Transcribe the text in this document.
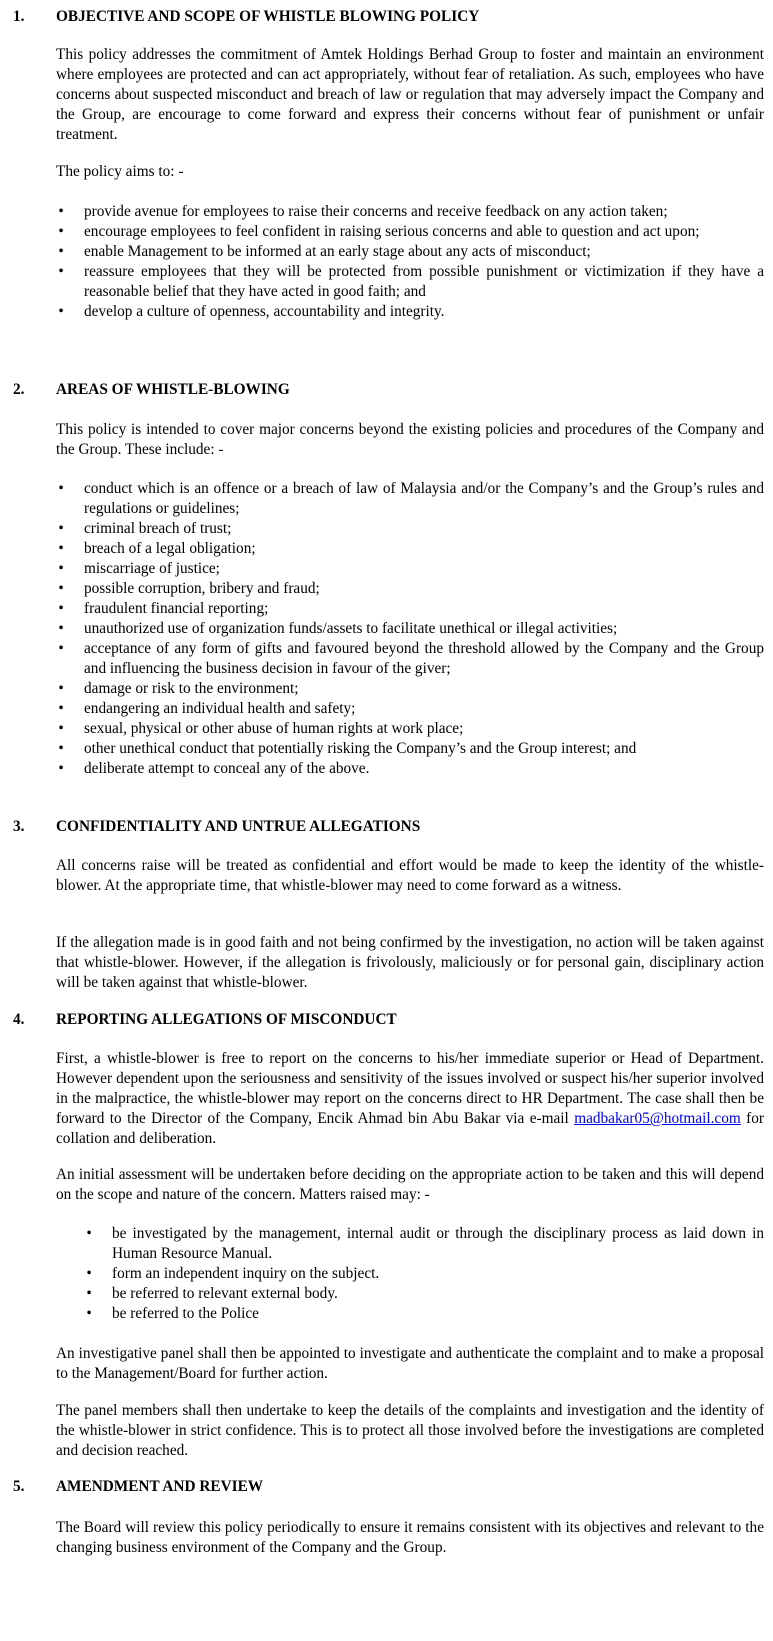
1. OBJECTIVE AND SCOPE OF WHISTLE BLOWING POLICY

This policy addresses the commitment of Amtek Holdings Berhad Group to foster and maintain an environment where employees are protected and can act appropriately, without fear of retaliation. As such, employees who have concerns about suspected misconduct and breach of law or regulation that may adversely impact the Company and the Group, are encourage to come forward and express their concerns without fear of punishment or unfair treatment.

The policy aims to: -

• provide avenue for employees to raise their concerns and receive feedback on any action taken;
• encourage employees to feel confident in raising serious concerns and able to question and act upon;
• enable Management to be informed at an early stage about any acts of misconduct;
• reassure employees that they will be protected from possible punishment or victimization if they have a reasonable belief that they have acted in good faith; and
• develop a culture of openness, accountability and integrity.
2. AREAS OF WHISTLE-BLOWING

This policy is intended to cover major concerns beyond the existing policies and procedures of the Company and the Group. These include: -

• conduct which is an offence or a breach of law of Malaysia and/or the Company’s and the Group’s rules and regulations or guidelines;
• criminal breach of trust;
• breach of a legal obligation;
• miscarriage of justice;
• possible corruption, bribery and fraud;
• fraudulent financial reporting;
• unauthorized use of organization funds/assets to facilitate unethical or illegal activities;
• acceptance of any form of gifts and favoured beyond the threshold allowed by the Company and the Group and influencing the business decision in favour of the giver;
• damage or risk to the environment;
• endangering an individual health and safety;
• sexual, physical or other abuse of human rights at work place;
• other unethical conduct that potentially risking the Company’s and the Group interest; and
• deliberate attempt to conceal any of the above.
3. CONFIDENTIALITY AND UNTRUE ALLEGATIONS

All concerns raise will be treated as confidential and effort would be made to keep the identity of the whistle-blower. At the appropriate time, that whistle-blower may need to come forward as a witness.

If the allegation made is in good faith and not being confirmed by the investigation, no action will be taken against that whistle-blower. However, if the allegation is frivolously, maliciously or for personal gain, disciplinary action will be taken against that whistle-blower.

4. REPORTING ALLEGATIONS OF MISCONDUCT

First, a whistle-blower is free to report on the concerns to his/her immediate superior or Head of Department. However dependent upon the seriousness and sensitivity of the issues involved or suspect his/her superior involved in the malpractice, the whistle-blower may report on the concerns direct to HR Department. The case shall then be forward to the Director of the Company, Encik Ahmad bin Abu Bakar via e-mail madbakar05@hotmail.com for collation and deliberation.

An initial assessment will be undertaken before deciding on the appropriate action to be taken and this will depend on the scope and nature of the concern. Matters raised may: -

• be investigated by the management, internal audit or through the disciplinary process as laid down in Human Resource Manual.
• form an independent inquiry on the subject.
• be referred to relevant external body.
• be referred to the Police

An investigative panel shall then be appointed to investigate and authenticate the complaint and to make a proposal to the Management/Board for further action.

The panel members shall then undertake to keep the details of the complaints and investigation and the identity of the whistle-blower in strict confidence. This is to protect all those involved before the investigations are completed and decision reached.

5. AMENDMENT AND REVIEW

The Board will review this policy periodically to ensure it remains consistent with its objectives and relevant to the changing business environment of the Company and the Group.
